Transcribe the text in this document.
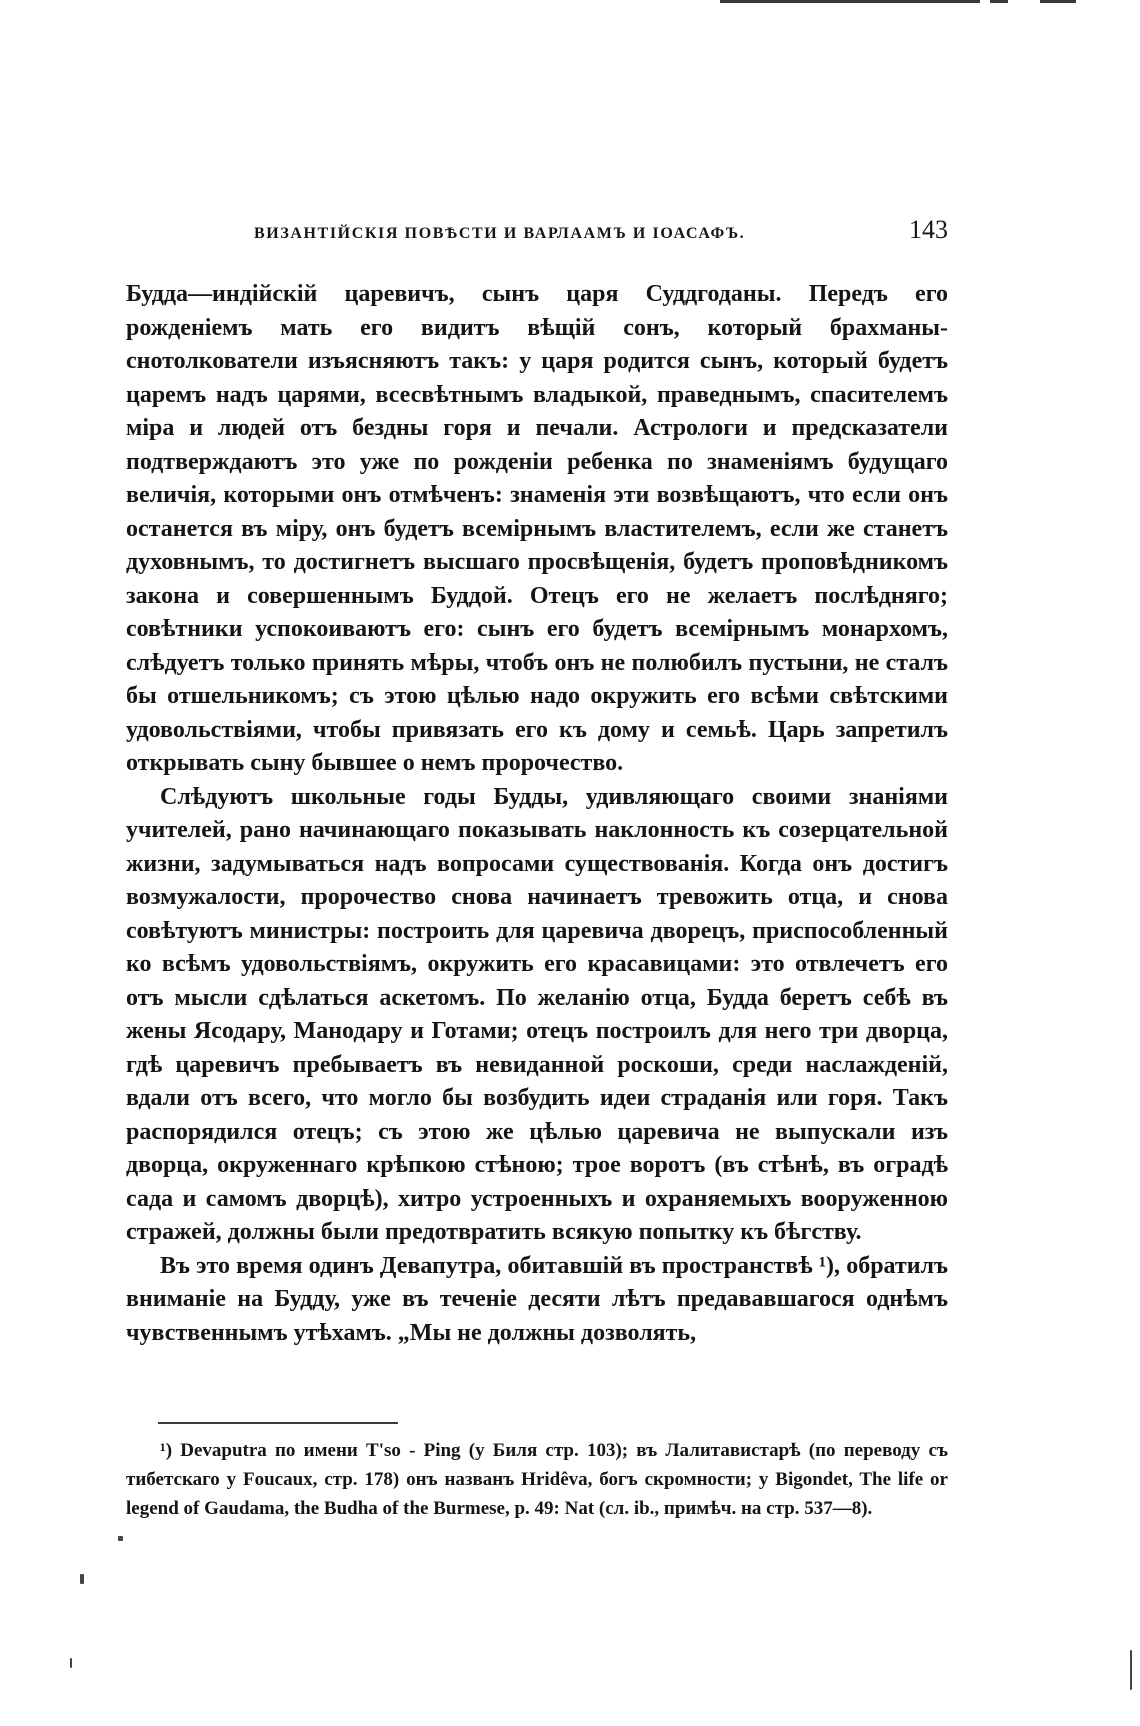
ВИЗАНТІЙСКІЯ ПОВѢСТИ И ВАРЛААМЪ И ІОАСАФЪ.	143

Будда—индійскій царевичъ, сынъ царя Суддгоданы. Передъ его рожденіемъ мать его видитъ вѣщій сонъ, который брахманы-снотолкователи изъясняютъ такъ: у царя родится сынъ, который будетъ царемъ надъ царями, всесвѣтнымъ владыкой, праведнымъ, спасителемъ міра и людей отъ бездны горя и печали. Астрологи и предсказатели подтверждаютъ это уже по рожденіи ребенка по знаменіямъ будущаго величія, которыми онъ отмѣченъ: знаменія эти возвѣщаютъ, что если онъ останется въ міру, онъ будетъ всемірнымъ властителемъ, если же станетъ духовнымъ, то достигнетъ высшаго просвѣщенія, будетъ проповѣдникомъ закона и совершеннымъ Буддой. Отецъ его не желаетъ послѣдняго; совѣтники успокоиваютъ его: сынъ его будетъ всемірнымъ монархомъ, слѣдуетъ только принять мѣры, чтобъ онъ не полюбилъ пустыни, не сталъ бы отшельникомъ; съ этою цѣлью надо окружить его всѣми свѣтскими удовольствіями, чтобы привязать его къ дому и семьѣ. Царь запретилъ открывать сыну бывшее о немъ пророчество.

Слѣдуютъ школьные годы Будды, удивляющаго своими знаніями учителей, рано начинающаго показывать наклонность къ созерцательной жизни, задумываться надъ вопросами существованія. Когда онъ достигъ возмужалости, пророчество снова начинаетъ тревожить отца, и снова совѣтуютъ министры: построить для царевича дворецъ, приспособленный ко всѣмъ удовольствіямъ, окружить его красавицами: это отвлечетъ его отъ мысли сдѣлаться аскетомъ. По желанію отца, Будда беретъ себѣ въ жены Ясодару, Манодару и Готами; отецъ построилъ для него три дворца, гдѣ царевичъ пребываетъ въ невиданной роскоши, среди наслажденій, вдали отъ всего, что могло бы возбудить идеи страданія или горя. Такъ распорядился отецъ; съ этою же цѣлью царевича не выпускали изъ дворца, окруженнаго крѣпкою стѣною; трое воротъ (въ стѣнѣ, въ оградѣ сада и самомъ дворцѣ), хитро устроенныхъ и охраняемыхъ вооруженною стражей, должны были предотвратить всякую попытку къ бѣгству.

Въ это время одинъ Девапутра, обитавшій въ пространствѣ ¹), обратилъ вниманіе на Будду, уже въ теченіе десяти лѣтъ предававшагося однѣмъ чувственнымъ утѣхамъ. „Мы не должны дозволять,

¹) Devaputra по имени T'so - Ping (у Биля стр. 103); въ Лалитавистарѣ (по переводу съ тибетскаго у Foucaux, стр. 178) онъ названъ Hridêva, богъ скромности; у Bigondet, The life or legend of Gaudama, the Budha of the Burmese, p. 49: Nat (сл. ib., примѣч. на стр. 537—8).
